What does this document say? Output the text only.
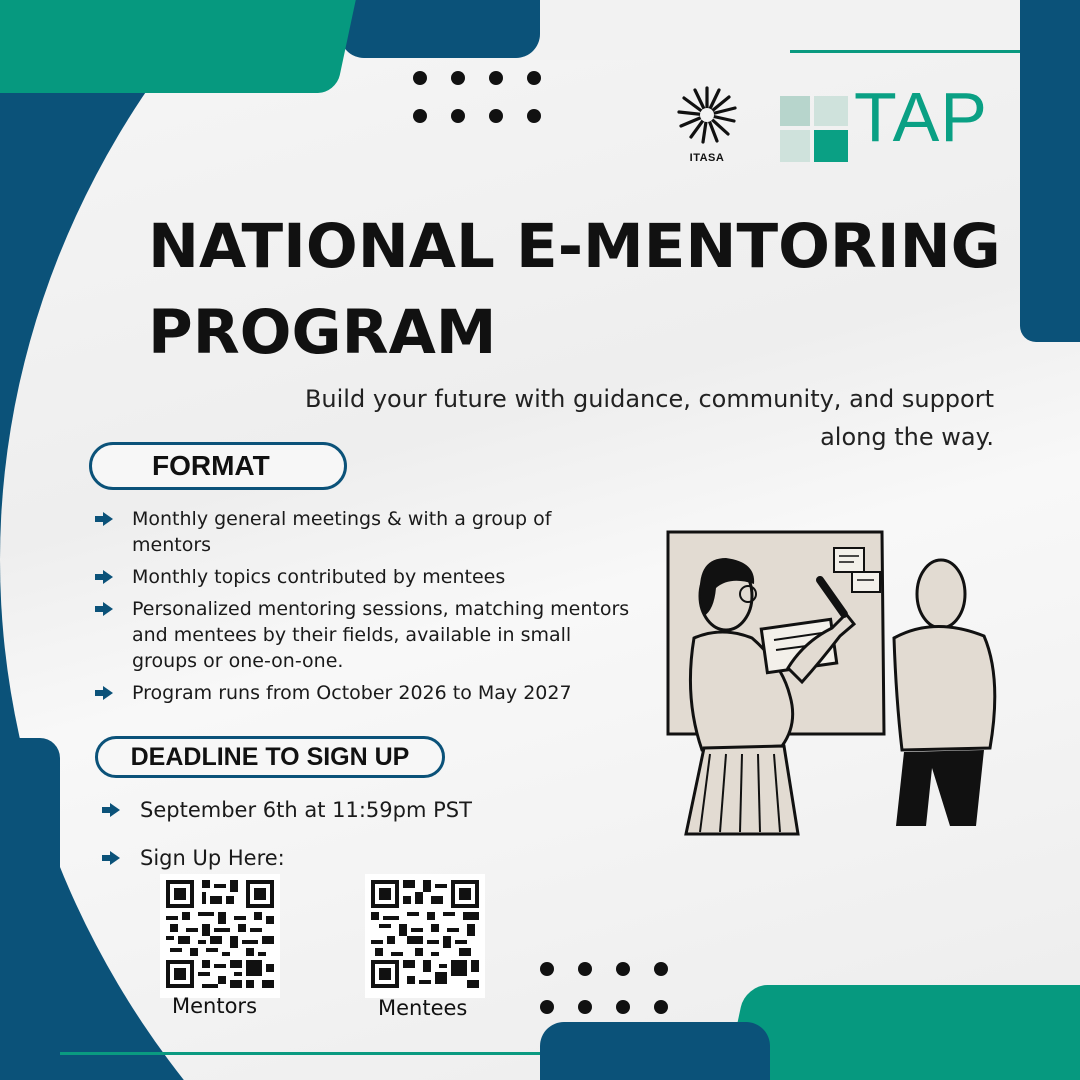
ITASA
TAP
NATIONAL E-MENTORING
PROGRAM
Build your future with guidance, community, and support
along the way.
FORMAT
Monthly general meetings & with a group of mentors
Monthly topics contributed by mentees
Personalized mentoring sessions, matching mentors and mentees by their fields, available in small groups or one-on-one.
Program runs from October 2026 to May 2027
DEADLINE TO SIGN UP
September 6th at 11:59pm PST
Sign Up Here:
Mentors	Mentees
